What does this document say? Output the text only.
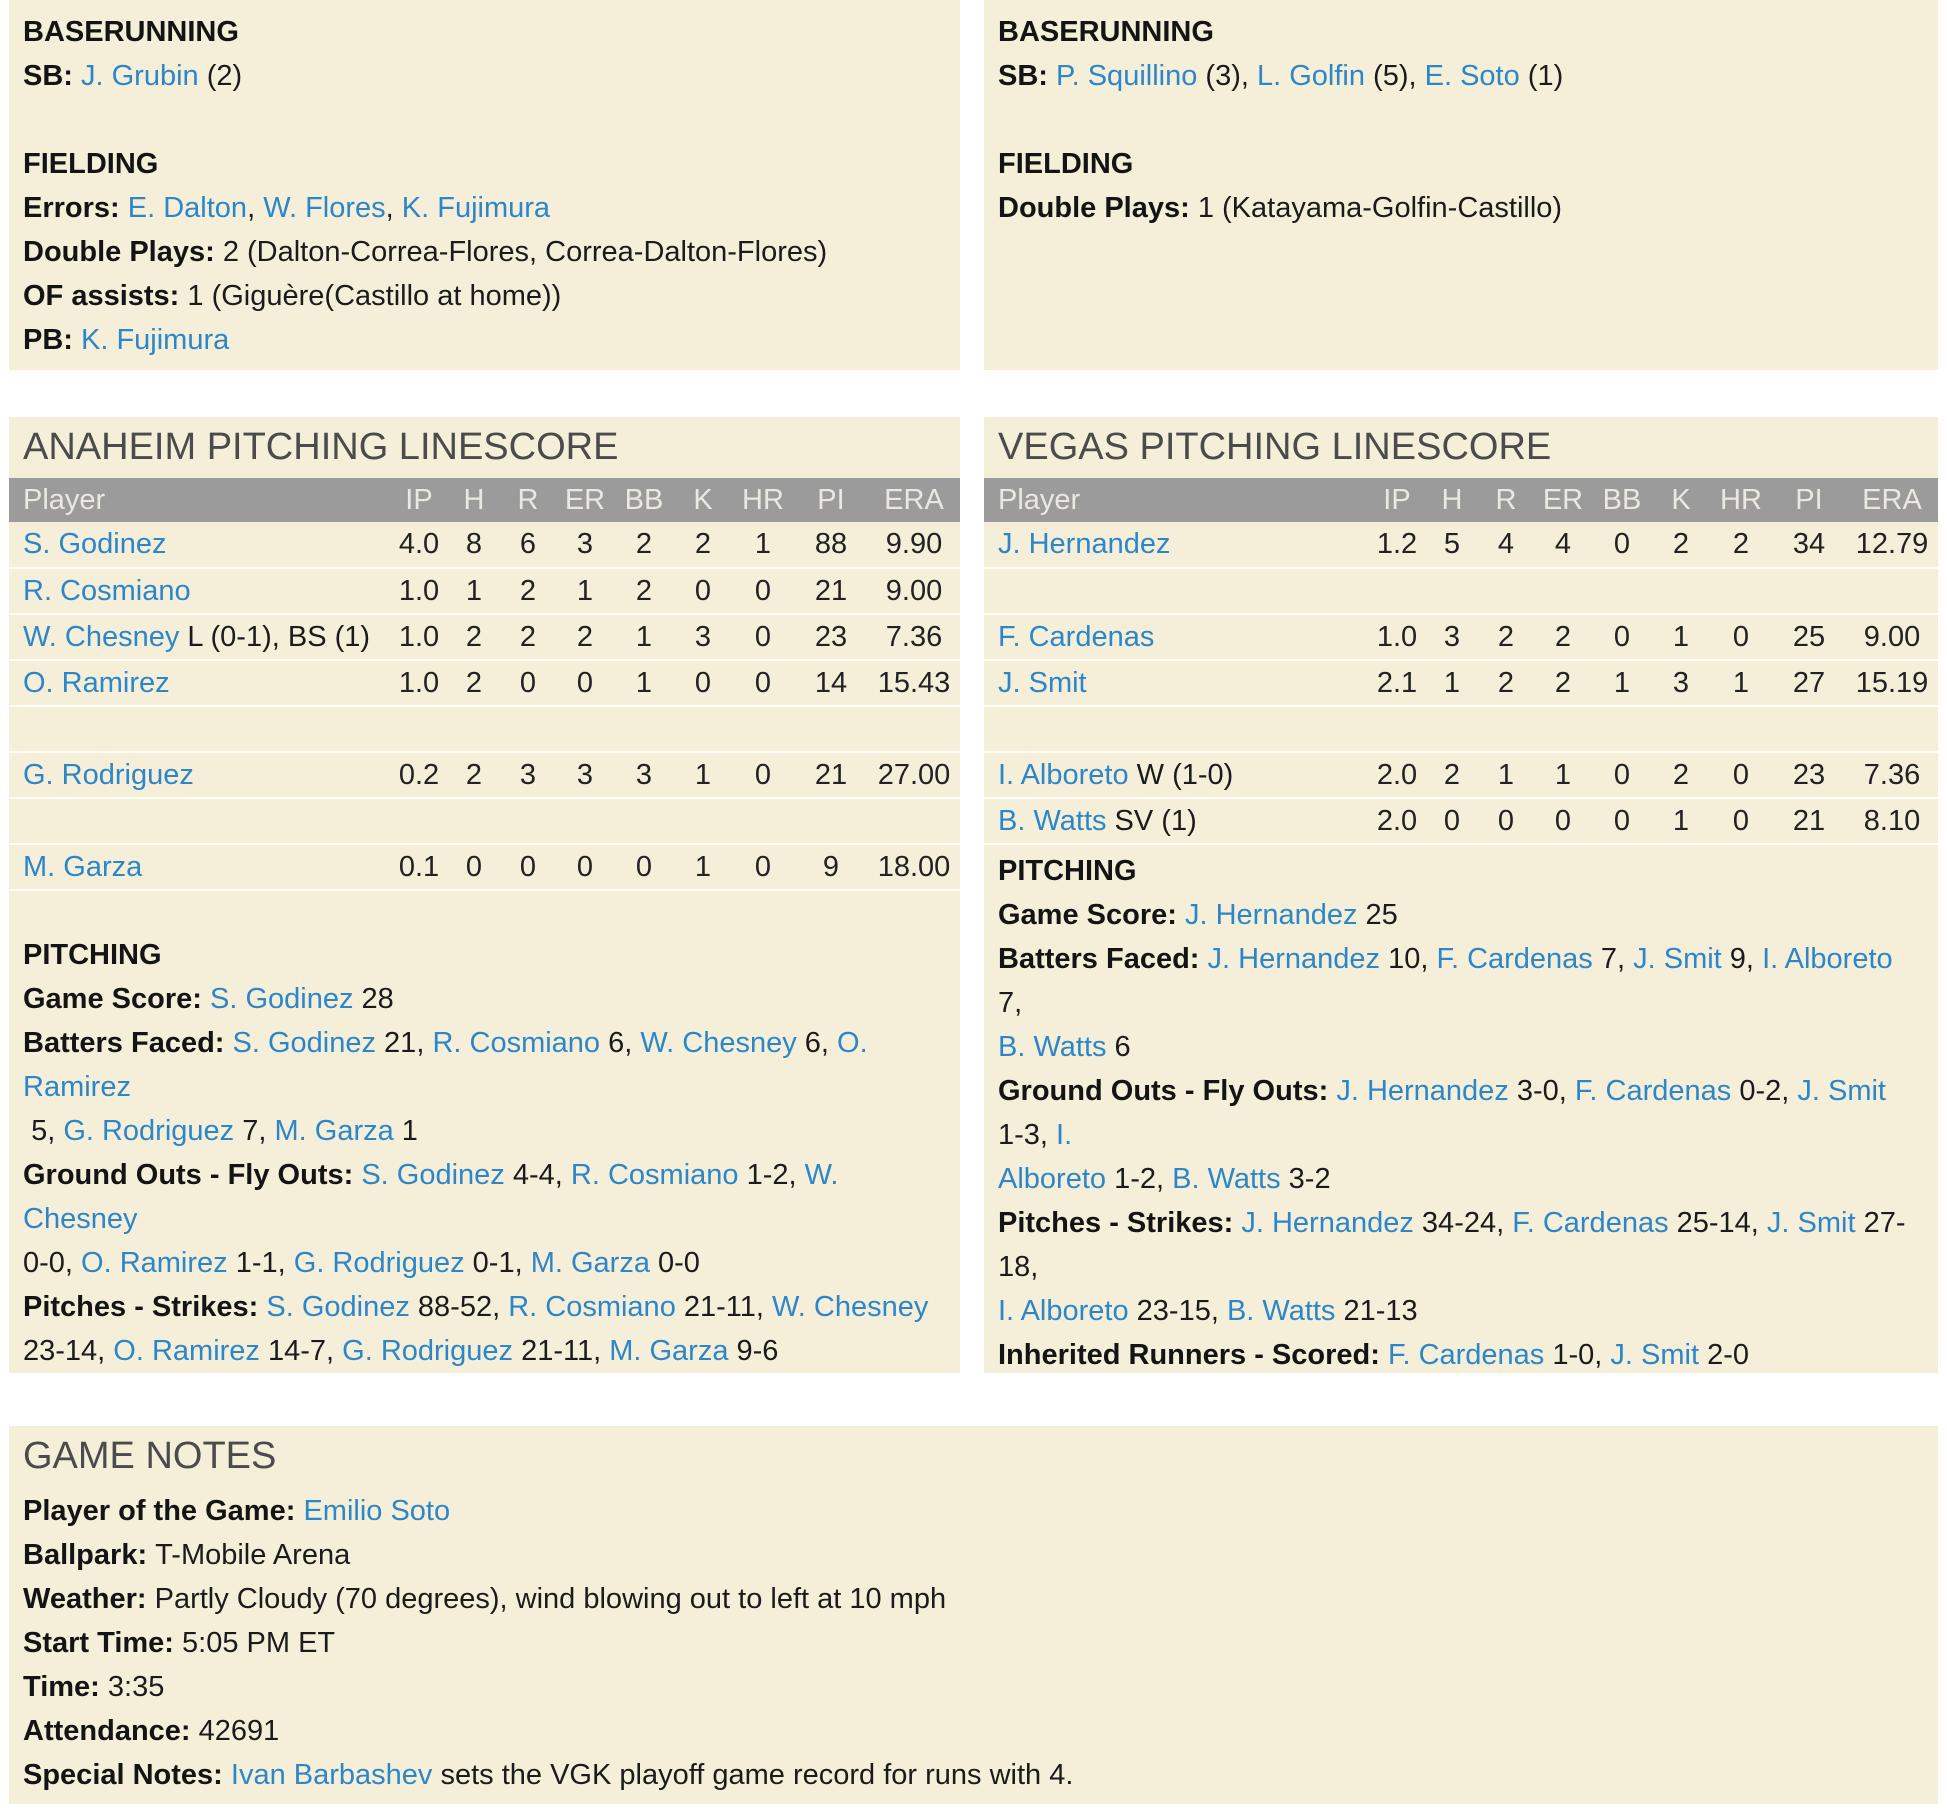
BASERUNNING
SB: J. Grubin (2)

FIELDING
Errors: E. Dalton, W. Flores, K. Fujimura
Double Plays: 2 (Dalton-Correa-Flores, Correa-Dalton-Flores)
OF assists: 1 (Giguère(Castillo at home))
PB: K. Fujimura
BASERUNNING
SB: P. Squillino (3), L. Golfin (5), E. Soto (1)

FIELDING
Double Plays: 1 (Katayama-Golfin-Castillo)
ANAHEIM PITCHING LINESCORE
Player	IP	H	R	ER	BB	K	HR	PI	ERA
S. Godinez	4.0	8	6	3	2	2	1	88	9.90
R. Cosmiano	1.0	1	2	1	2	0	0	21	9.00
W. Chesney L (0-1), BS (1)	1.0	2	2	2	1	3	0	23	7.36
O. Ramirez	1.0	2	0	0	1	0	0	14	15.43

G. Rodriguez	0.2	2	3	3	3	1	0	21	27.00

M. Garza	0.1	0	0	0	0	1	0	9	18.00
PITCHING
Game Score: S. Godinez 28
Batters Faced: S. Godinez 21, R. Cosmiano 6, W. Chesney 6, O. Ramirez
5, G. Rodriguez 7, M. Garza 1
Ground Outs - Fly Outs: S. Godinez 4-4, R. Cosmiano 1-2, W. Chesney
0-0, O. Ramirez 1-1, G. Rodriguez 0-1, M. Garza 0-0
Pitches - Strikes: S. Godinez 88-52, R. Cosmiano 21-11, W. Chesney
23-14, O. Ramirez 14-7, G. Rodriguez 21-11, M. Garza 9-6
VEGAS PITCHING LINESCORE
Player	IP	H	R	ER	BB	K	HR	PI	ERA
J. Hernandez	1.2	5	4	4	0	2	2	34	12.79

F. Cardenas	1.0	3	2	2	0	1	0	25	9.00
J. Smit	2.1	1	2	2	1	3	1	27	15.19

I. Alboreto W (1-0)	2.0	2	1	1	0	2	0	23	7.36
B. Watts SV (1)	2.0	0	0	0	0	1	0	21	8.10
PITCHING
Game Score: J. Hernandez 25
Batters Faced: J. Hernandez 10, F. Cardenas 7, J. Smit 9, I. Alboreto 7,
B. Watts 6
Ground Outs - Fly Outs: J. Hernandez 3-0, F. Cardenas 0-2, J. Smit 1-3, I.
Alboreto 1-2, B. Watts 3-2
Pitches - Strikes: J. Hernandez 34-24, F. Cardenas 25-14, J. Smit 27-18,
I. Alboreto 23-15, B. Watts 21-13
Inherited Runners - Scored: F. Cardenas 1-0, J. Smit 2-0
GAME NOTES
Player of the Game: Emilio Soto
Ballpark: T-Mobile Arena
Weather: Partly Cloudy (70 degrees), wind blowing out to left at 10 mph
Start Time: 5:05 PM ET
Time: 3:35
Attendance: 42691
Special Notes: Ivan Barbashev sets the VGK playoff game record for runs with 4.
